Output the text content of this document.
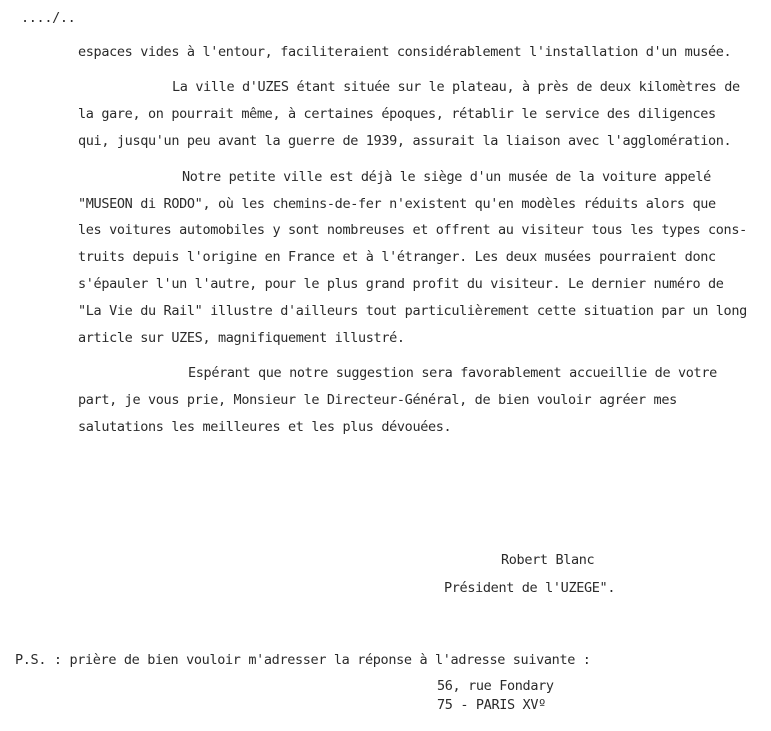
..../..
espaces vides à l'entour, faciliteraient considérablement l'installation d'un musée.
La ville d'UZES étant située sur le plateau, à près de deux kilomètres de
la gare, on pourrait même, à certaines époques, rétablir le service des diligences
qui, jusqu'un peu avant la guerre de 1939, assurait la liaison avec l'agglomération.
Notre petite ville est déjà le siège d'un musée de la voiture appelé
"MUSEON di RODO", où les chemins-de-fer n'existent qu'en modèles réduits alors que
les voitures automobiles y sont nombreuses et offrent au visiteur tous les types cons-
truits depuis l'origine en France et à l'étranger. Les deux musées pourraient donc
s'épauler l'un l'autre, pour le plus grand profit du visiteur. Le dernier numéro de
"La Vie du Rail" illustre d'ailleurs tout particulièrement cette situation par un long
article sur UZES, magnifiquement illustré.
Espérant que notre suggestion sera favorablement accueillie de votre
part, je vous prie, Monsieur le Directeur-Général, de bien vouloir agréer mes
salutations les meilleures et les plus dévouées.
Robert Blanc
Président de l'UZEGE".
P.S. : prière de bien vouloir m'adresser la réponse à l'adresse suivante :
56, rue Fondary
75 - PARIS XVº
